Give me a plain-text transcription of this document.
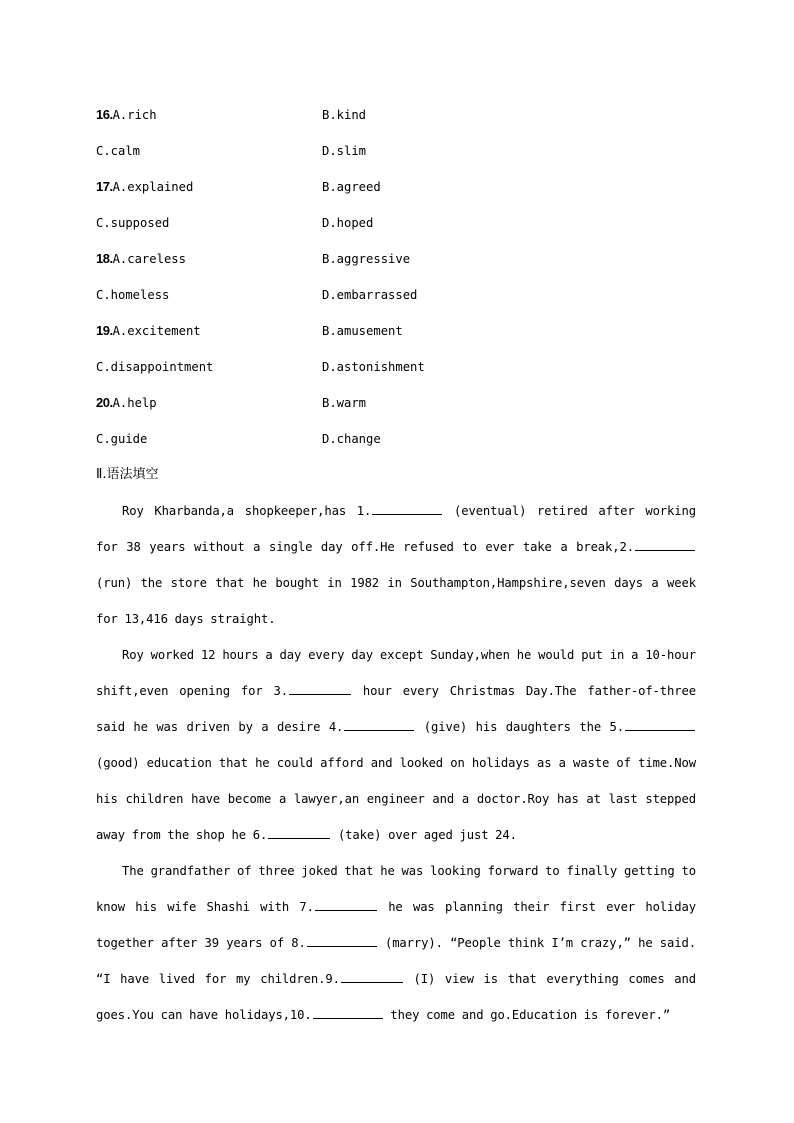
16.A.rich	B.kind
C.calm	D.slim
17.A.explained	B.agreed
C.supposed	D.hoped
18.A.careless	B.aggressive
C.homeless	D.embarrassed
19.A.excitement	B.amusement
C.disappointment	D.astonishment
20.A.help	B.warm
C.guide	D.change
Ⅱ.语法填空

Roy Kharbanda,a shopkeeper,has 1.	(eventual) retired after working for 38 years without a single day off.He refused to ever take a break,2. (run) the store that he bought in 1982 in Southampton,Hampshire,seven days a week for 13,416 days straight.

Roy worked 12 hours a day every day except Sunday,when he would put in a 10-hour shift,even opening for 3.	hour every Christmas Day.The father-of-three said he was driven by a desire 4.	(give) his daughters the 5. (good) education that he could afford and looked on holidays as a waste of time.Now his children have become a lawyer,an engineer and a doctor.Roy has at last stepped away from the shop he 6.	(take) over aged just 24.

The grandfather of three joked that he was looking forward to finally getting to know his wife Shashi with 7.	he was planning their first ever holiday together after 39 years of 8.	(marry). “People think I’m crazy,” he said. “I have lived for my children.9.	(I) view is that everything comes and goes.You can have holidays,10.	they come and go.Education is forever.”
